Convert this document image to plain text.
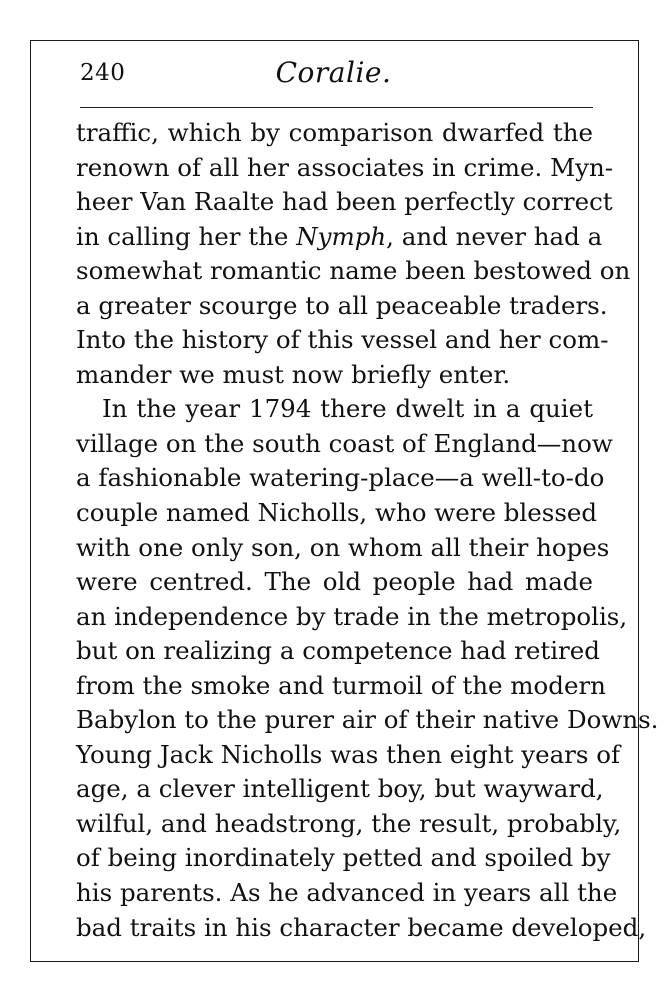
240	Coralie.
traffic, which by comparison dwarfed the
renown of all her associates in crime. Myn-
heer Van Raalte had been perfectly correct
in calling her the Nymph, and never had a
somewhat romantic name been bestowed on
a greater scourge to all peaceable traders.
Into the history of this vessel and her com-
mander we must now briefly enter.
In the year 1794 there dwelt in a quiet
village on the south coast of England—now
a fashionable watering-place—a well-to-do
couple named Nicholls, who were blessed
with one only son, on whom all their hopes
were centred. The old people had made
an independence by trade in the metropolis,
but on realizing a competence had retired
from the smoke and turmoil of the modern
Babylon to the purer air of their native Downs.
Young Jack Nicholls was then eight years of
age, a clever intelligent boy, but wayward,
wilful, and headstrong, the result, probably,
of being inordinately petted and spoiled by
his parents. As he advanced in years all the
bad traits in his character became developed,
